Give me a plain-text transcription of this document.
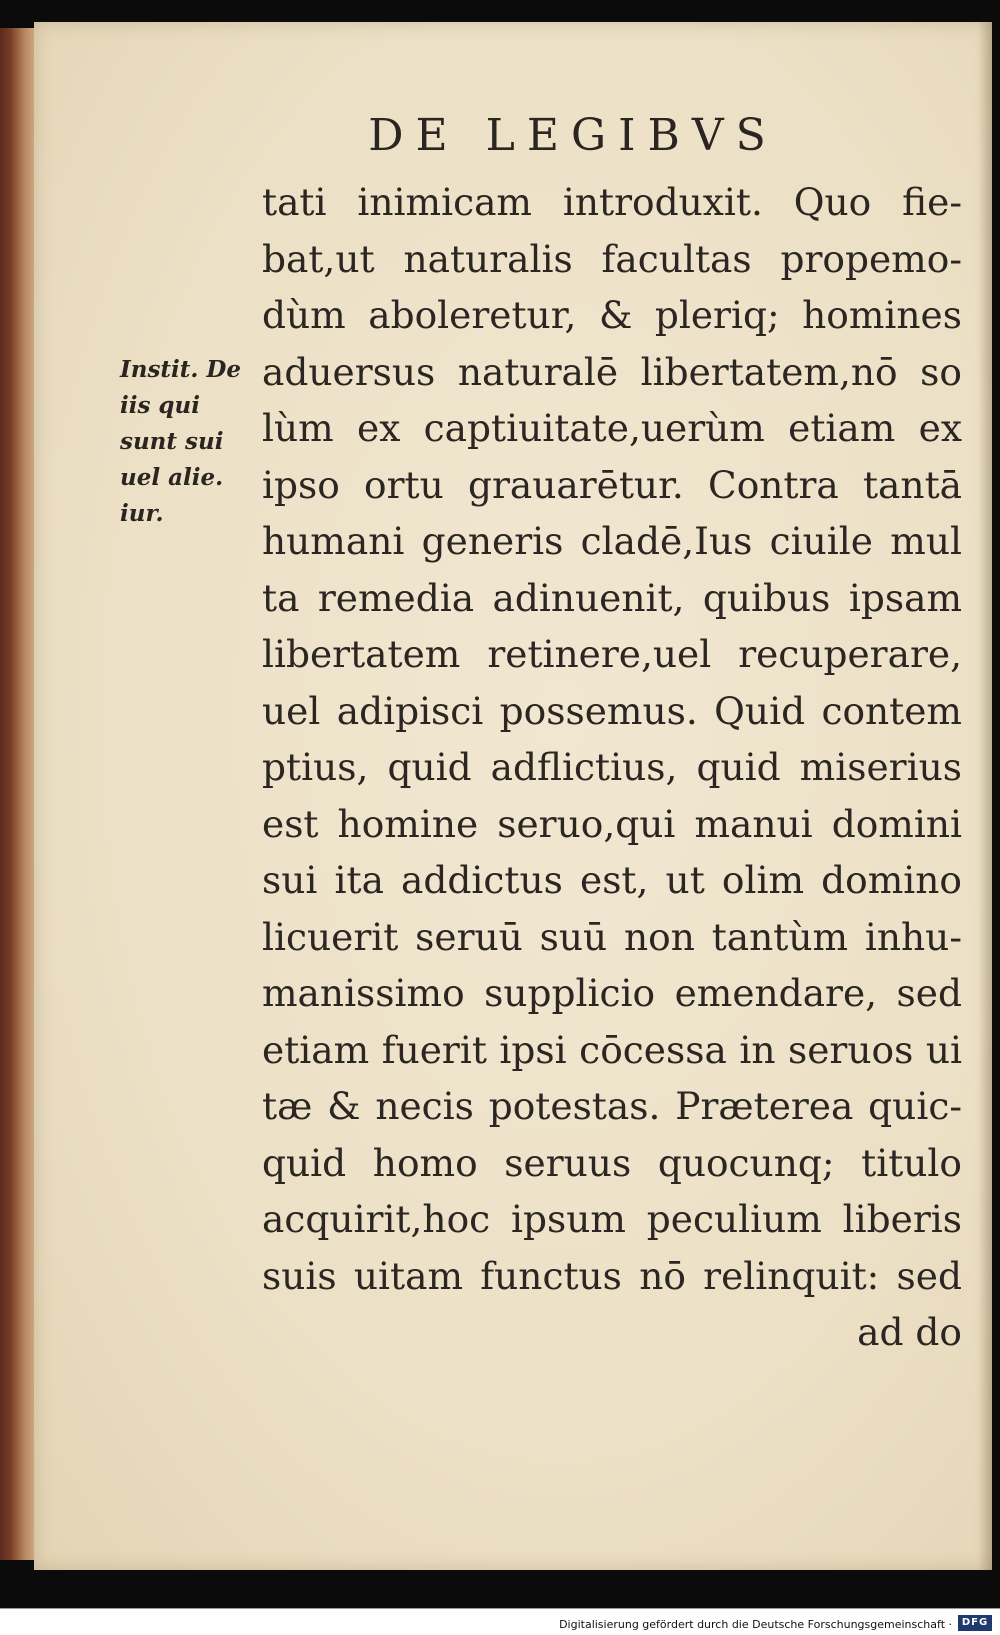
DE LEGIBVS
Instit. De
iis qui
sunt sui
uel alie.
iur.
tati inimicam introduxit. Quo fie-
bat,ut naturalis facultas propemo-
dùm aboleretur, & pleriq; homines
aduersus naturalē libertatem,nō so
lùm ex captiuitate,uerùm etiam ex
ipso ortu grauarētur. Contra tantā
humani generis cladē,Ius ciuile mul
ta remedia adinuenit, quibus ipsam
libertatem retinere,uel recuperare,
uel adipisci possemus. Quid contem
ptius, quid adflictius, quid miserius
est homine seruo,qui manui domini
sui ita addictus est, ut olim domino
licuerit seruū suū non tantùm inhu-
manissimo supplicio emendare, sed
etiam fuerit ipsi cōcessa in seruos ui
tæ & necis potestas. Præterea quic-
quid homo seruus quocunq; titulo
acquirit,hoc ipsum peculium liberis
suis uitam functus nō relinquit: sed
ad do
Digitalisierung gefördert durch die Deutsche Forschungsgemeinschaft · DFG
